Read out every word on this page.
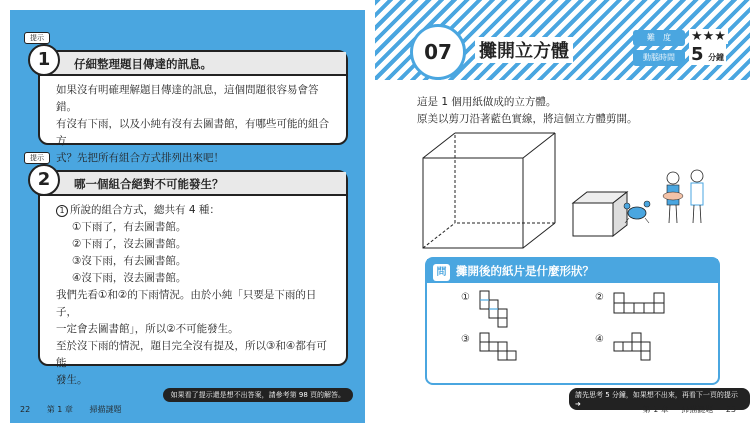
提示
1	仔細整理題目傳達的訊息。

如果沒有明確理解題目傳達的訊息，這個問題很容易會答錯。

有沒有下雨，以及小純有沒有去圖書館，有哪些可能的組合方

式？先把所有組合方式排列出來吧！

提示
2	哪一個組合絕對不可能發生？

1 所說的組合方式，總共有 4 種：

①下雨了，有去圖書館。

②下雨了，沒去圖書館。

③沒下雨，有去圖書館。

④沒下雨，沒去圖書館。

我們先看①和②的下雨情況。由於小純「只要是下雨的日子，

一定會去圖書館」，所以②不可能發生。

至於沒下雨的情況，題目完全沒有提及，所以③和④都有可能

發生。

如果看了提示還是想不出答案，請參考第 98 頁的解答。
22 第 1 章 掃描謎題
07	攤開立方體
難　度	★★★
動腦時間 5 分鐘

這是 1 個用紙做成的立方體。

原美以剪刀沿著藍色實線，將這個立方體剪開。

問 攤開後的紙片是什麼形狀？
①	②
③	④
請先思考 5 分鐘，如果想不出來，再看下一頁的提示 ➜
第 1 章 掃描謎題 23
